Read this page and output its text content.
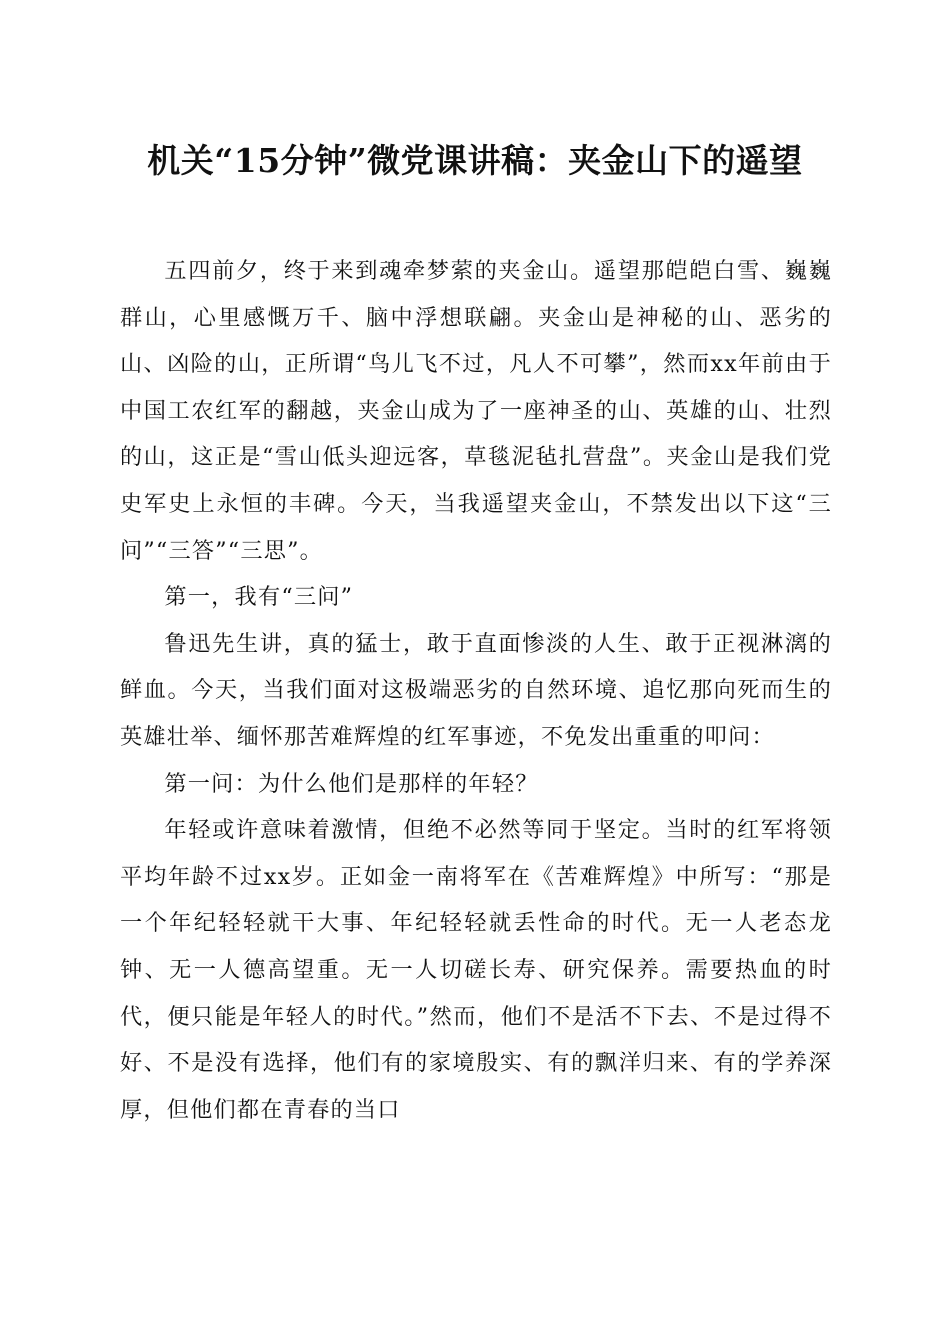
机关“15分钟”微党课讲稿：夹金山下的遥望

五四前夕，终于来到魂牵梦萦的夹金山。遥望那皑皑白雪、巍巍群山，心里感慨万千、脑中浮想联翩。夹金山是神秘的山、恶劣的山、凶险的山，正所谓“鸟儿飞不过，凡人不可攀”，然而xx年前由于中国工农红军的翻越，夹金山成为了一座神圣的山、英雄的山、壮烈的山，这正是“雪山低头迎远客，草毯泥毡扎营盘”。夹金山是我们党史军史上永恒的丰碑。今天，当我遥望夹金山，不禁发出以下这“三问”“三答”“三思”。

第一，我有“三问”

鲁迅先生讲，真的猛士，敢于直面惨淡的人生、敢于正视淋漓的鲜血。今天，当我们面对这极端恶劣的自然环境、追忆那向死而生的英雄壮举、缅怀那苦难辉煌的红军事迹，不免发出重重的叩问：

第一问：为什么他们是那样的年轻？

年轻或许意味着激情，但绝不必然等同于坚定。当时的红军将领平均年龄不过xx岁。正如金一南将军在《苦难辉煌》中所写：“那是一个年纪轻轻就干大事、年纪轻轻就丢性命的时代。无一人老态龙钟、无一人德高望重。无一人切磋长寿、研究保养。需要热血的时代，便只能是年轻人的时代。”然而，他们不是活不下去、不是过得不好、不是没有选择，他们有的家境殷实、有的飘洋归来、有的学养深厚，但他们都在青春的当口
